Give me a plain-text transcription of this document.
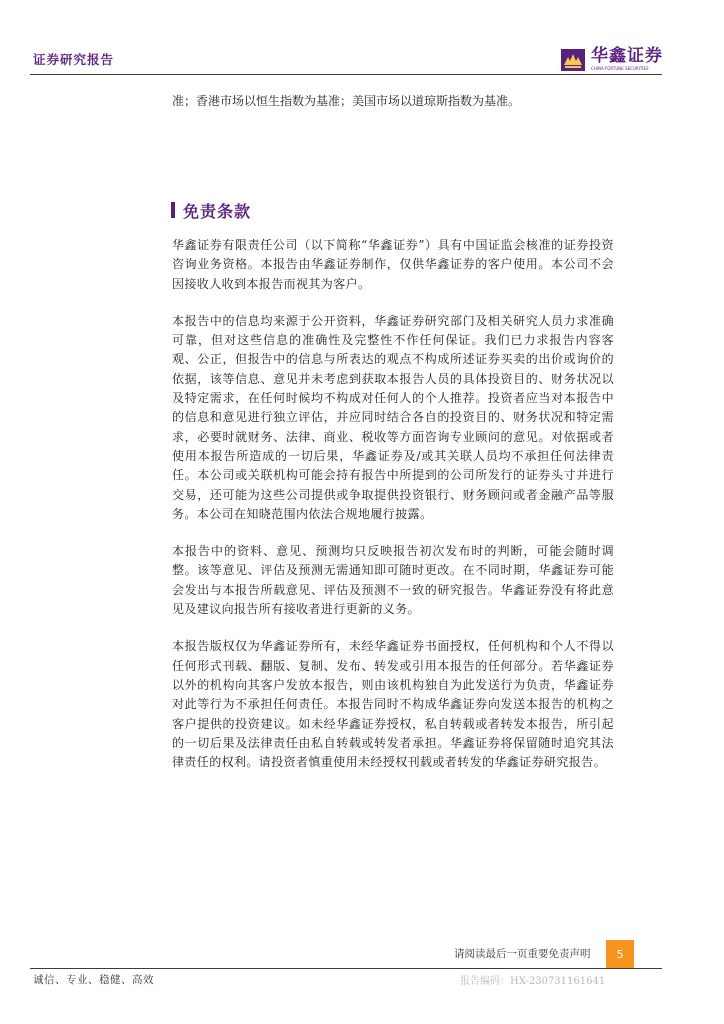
证券研究报告	华鑫证券
CHINA FORTUNE SECURITIES
准；香港市场以恒生指数为基准；美国市场以道琼斯指数为基准。
免责条款

华鑫证券有限责任公司（以下简称“华鑫证券”）具有中国证监会核准的证券投资咨询业务资格。本报告由华鑫证券制作，仅供华鑫证券的客户使用。本公司不会因接收人收到本报告而视其为客户。

本报告中的信息均来源于公开资料，华鑫证券研究部门及相关研究人员力求准确可靠，但对这些信息的准确性及完整性不作任何保证。我们已力求报告内容客观、公正，但报告中的信息与所表达的观点不构成所述证券买卖的出价或询价的依据，该等信息、意见并未考虑到获取本报告人员的具体投资目的、财务状况以及特定需求，在任何时候均不构成对任何人的个人推荐。投资者应当对本报告中的信息和意见进行独立评估，并应同时结合各自的投资目的、财务状况和特定需求，必要时就财务、法律、商业、税收等方面咨询专业顾问的意见。对依据或者使用本报告所造成的一切后果，华鑫证券及/或其关联人员均不承担任何法律责任。本公司或关联机构可能会持有报告中所提到的公司所发行的证券头寸并进行交易，还可能为这些公司提供或争取提供投资银行、财务顾问或者金融产品等服务。本公司在知晓范围内依法合规地履行披露。

本报告中的资料、意见、预测均只反映报告初次发布时的判断，可能会随时调整。该等意见、评估及预测无需通知即可随时更改。在不同时期，华鑫证券可能会发出与本报告所载意见、评估及预测不一致的研究报告。华鑫证券没有将此意见及建议向报告所有接收者进行更新的义务。

本报告版权仅为华鑫证券所有，未经华鑫证券书面授权，任何机构和个人不得以任何形式刊载、翻版、复制、发布、转发或引用本报告的任何部分。若华鑫证券以外的机构向其客户发放本报告，则由该机构独自为此发送行为负责，华鑫证券对此等行为不承担任何责任。本报告同时不构成华鑫证券向发送本报告的机构之客户提供的投资建议。如未经华鑫证券授权，私自转载或者转发本报告，所引起的一切后果及法律责任由私自转载或转发者承担。华鑫证券将保留随时追究其法律责任的权利。请投资者慎重使用未经授权刊载或者转发的华鑫证券研究报告。

请阅读最后一页重要免责声明	5
诚信、专业、稳健、高效	报告编码：HX-230731161641
